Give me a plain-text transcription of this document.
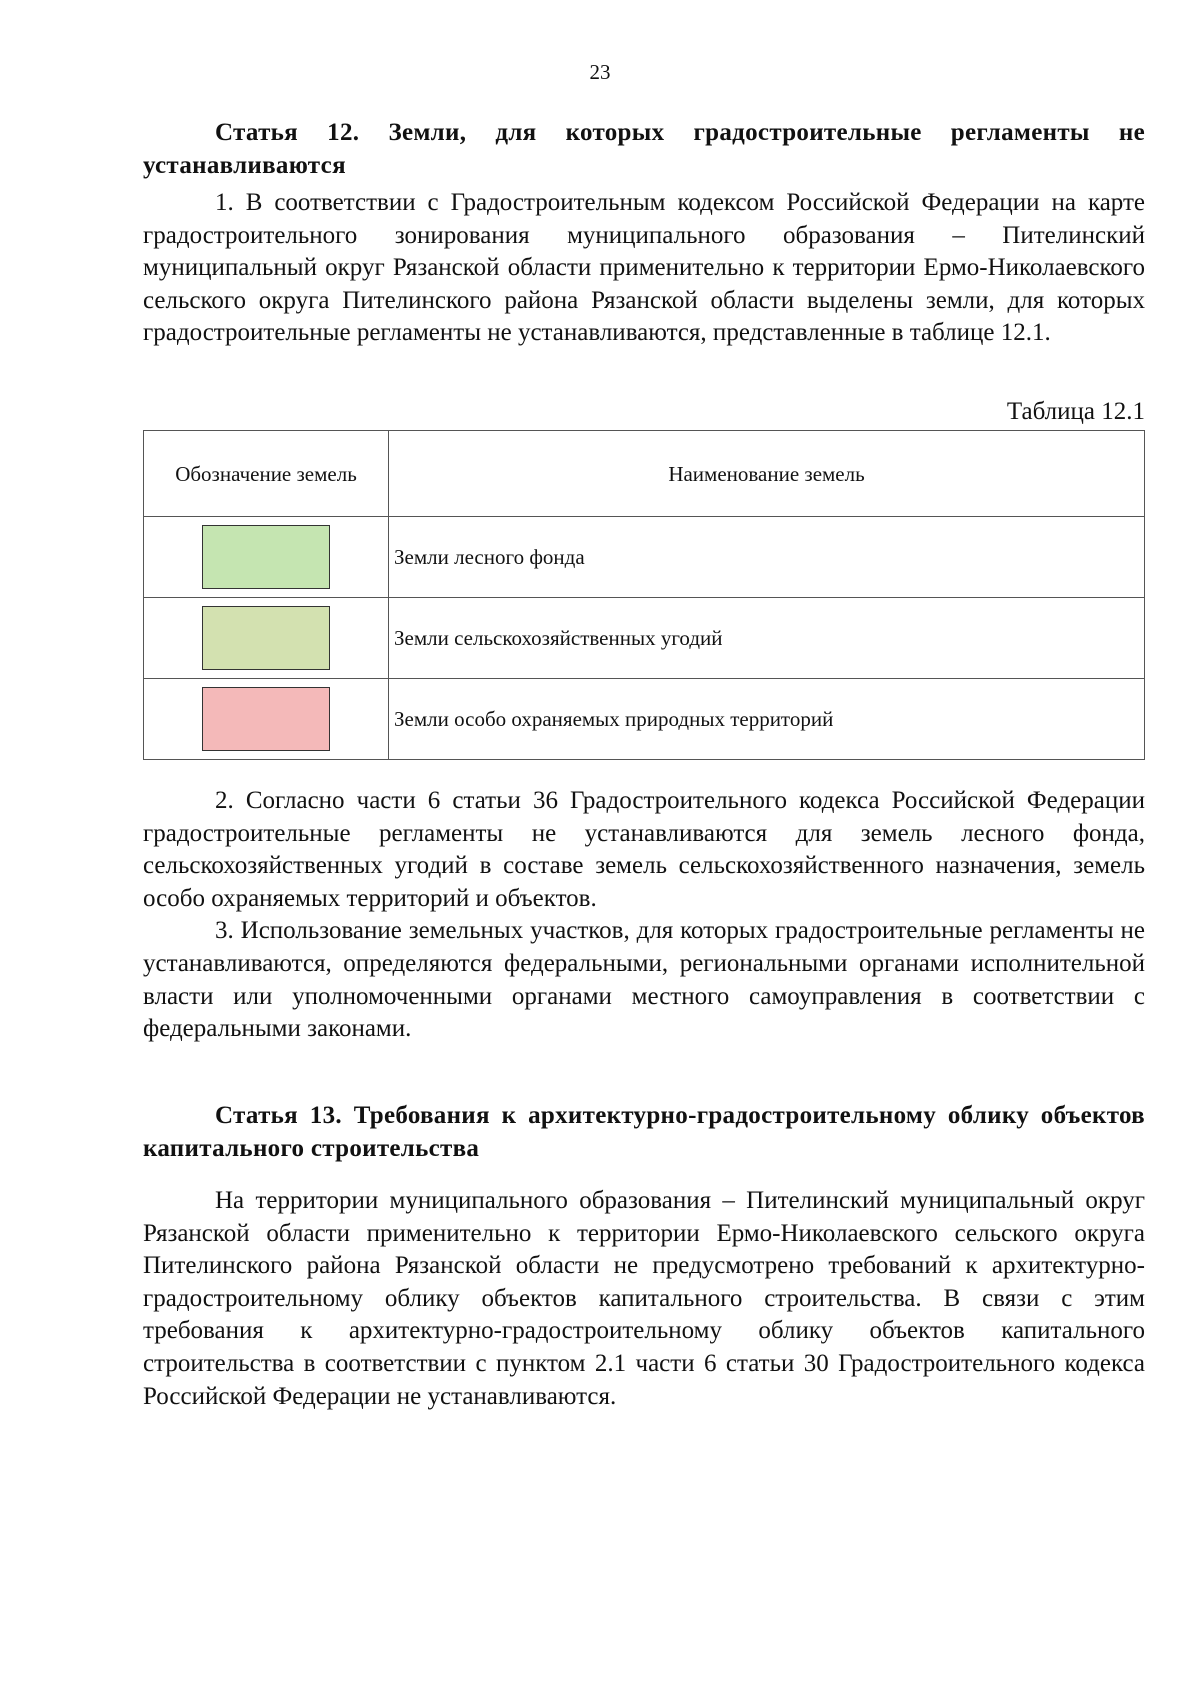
23

Статья 12. Земли, для которых градостроительные регламенты не устанавливаются

1. В соответствии с Градостроительным кодексом Российской Федерации на карте градостроительного зонирования муниципального образования – Пителинский муниципальный округ Рязанской области применительно к территории Ермо-Николаевского сельского округа Пителинского района Рязанской области выделены земли, для которых градостроительные регламенты не устанавливаются, представленные в таблице 12.1.

Таблица 12.1
Обозначение земель	Наименование земель

	Земли лесного фонда

	Земли сельскохозяйственных угодий

	Земли особо охраняемых природных территорий

2. Согласно части 6 статьи 36 Градостроительного кодекса Российской Федерации градостроительные регламенты не устанавливаются для земель лесного фонда, сельскохозяйственных угодий в составе земель сельскохозяйственного назначения, земель особо охраняемых территорий и объектов.

3. Использование земельных участков, для которых градостроительные регламенты не устанавливаются, определяются федеральными, региональными органами исполнительной власти или уполномоченными органами местного самоуправления в соответствии с федеральными законами.

Статья 13. Требования к архитектурно-градостроительному облику объектов капитального строительства

На территории муниципального образования – Пителинский муниципальный округ Рязанской области применительно к территории Ермо-Николаевского сельского округа Пителинского района Рязанской области не предусмотрено требований к архитектурно-градостроительному облику объектов капитального строительства. В связи с этим требования к архитектурно-градостроительному облику объектов капитального строительства в соответствии с пунктом 2.1 части 6 статьи 30 Градостроительного кодекса Российской Федерации не устанавливаются.
